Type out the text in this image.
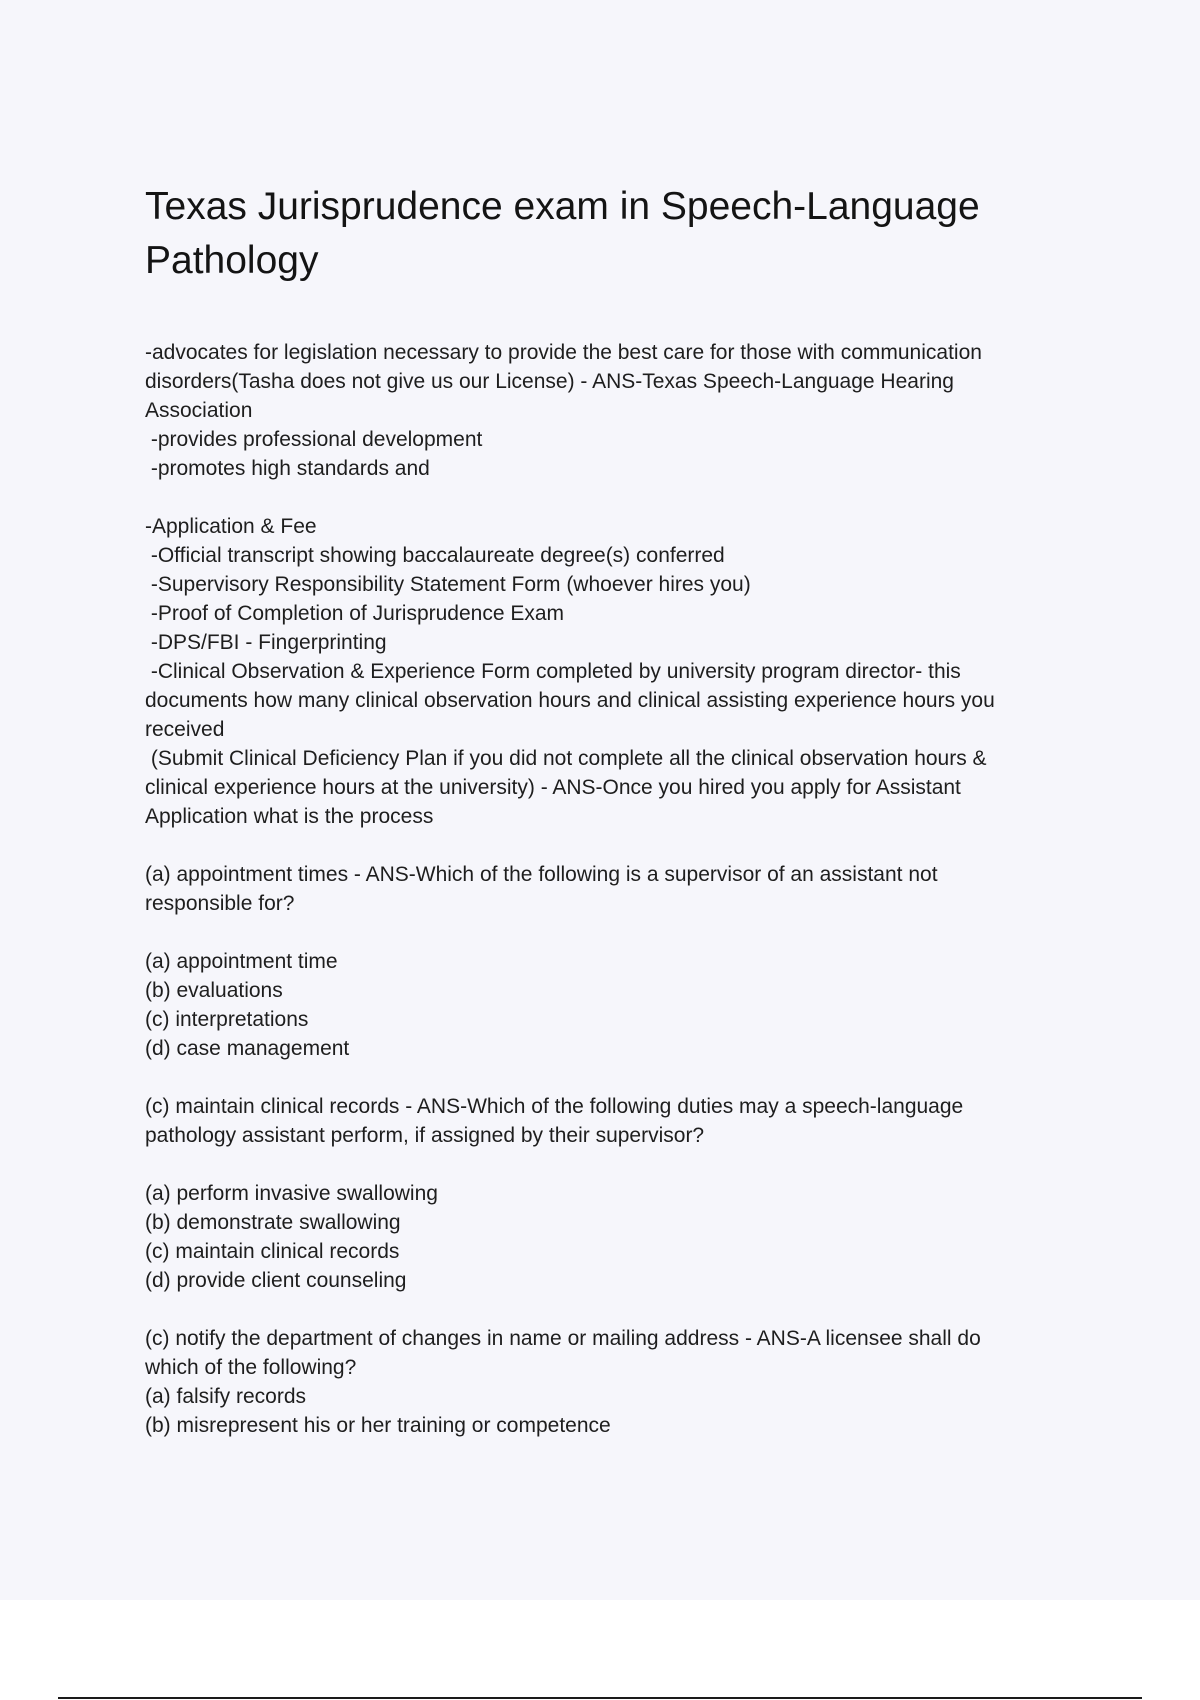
Texas Jurisprudence exam in Speech-Language
Pathology
-advocates for legislation necessary to provide the best care for those with communication
disorders(Tasha does not give us our License) - ANS-Texas Speech-Language Hearing
Association
-provides professional development
-promotes high standards and
-Application & Fee
-Official transcript showing baccalaureate degree(s) conferred
-Supervisory Responsibility Statement Form (whoever hires you)
-Proof of Completion of Jurisprudence Exam
-DPS/FBI - Fingerprinting
-Clinical Observation & Experience Form completed by university program director- this
documents how many clinical observation hours and clinical assisting experience hours you
received
(Submit Clinical Deficiency Plan if you did not complete all the clinical observation hours &
clinical experience hours at the university) - ANS-Once you hired you apply for Assistant
Application what is the process
(a) appointment times - ANS-Which of the following is a supervisor of an assistant not
responsible for?
(a) appointment time
(b) evaluations
(c) interpretations
(d) case management
(c) maintain clinical records - ANS-Which of the following duties may a speech-language
pathology assistant perform, if assigned by their supervisor?
(a) perform invasive swallowing
(b) demonstrate swallowing
(c) maintain clinical records
(d) provide client counseling
(c) notify the department of changes in name or mailing address - ANS-A licensee shall do
which of the following?
(a) falsify records
(b) misrepresent his or her training or competence
